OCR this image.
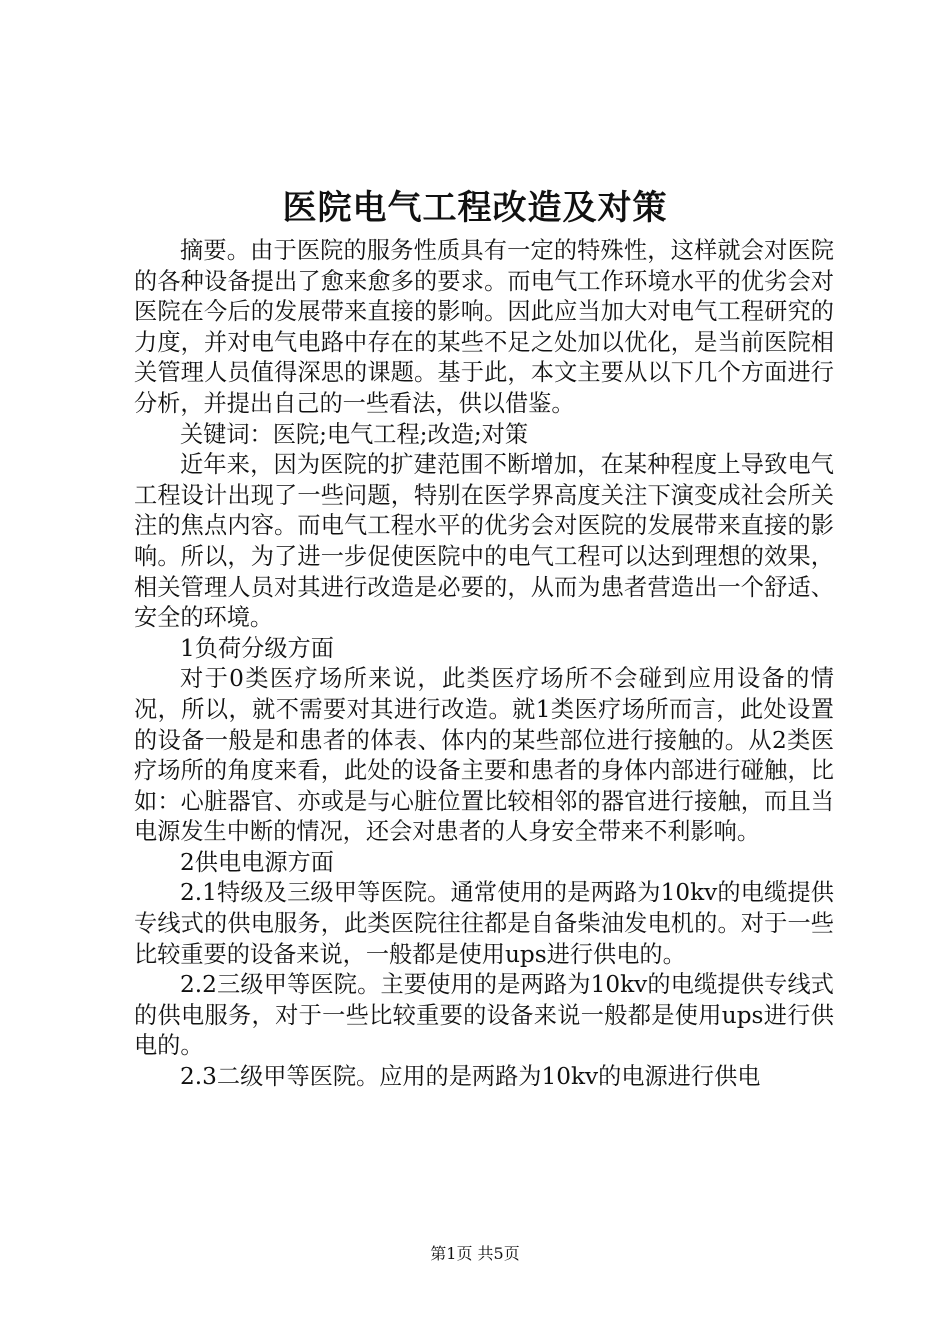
医院电气工程改造及对策

摘要。由于医院的服务性质具有一定的特殊性，这样就会对医院的各种设备提出了愈来愈多的要求。而电气工作环境水平的优劣会对医院在今后的发展带来直接的影响。因此应当加大对电气工程研究的力度，并对电气电路中存在的某些不足之处加以优化，是当前医院相关管理人员值得深思的课题。基于此，本文主要从以下几个方面进行分析，并提出自己的一些看法，供以借鉴。

关键词：医院;电气工程;改造;对策

近年来，因为医院的扩建范围不断增加，在某种程度上导致电气工程设计出现了一些问题，特别在医学界高度关注下演变成社会所关注的焦点内容。而电气工程水平的优劣会对医院的发展带来直接的影响。所以，为了进一步促使医院中的电气工程可以达到理想的效果，相关管理人员对其进行改造是必要的，从而为患者营造出一个舒适、安全的环境。

1负荷分级方面

对于0类医疗场所来说，此类医疗场所不会碰到应用设备的情况，所以，就不需要对其进行改造。就1类医疗场所而言，此处设置的设备一般是和患者的体表、体内的某些部位进行接触的。从2类医疗场所的角度来看，此处的设备主要和患者的身体内部进行碰触，比如：心脏器官、亦或是与心脏位置比较相邻的器官进行接触，而且当电源发生中断的情况，还会对患者的人身安全带来不利影响。

2供电电源方面

2.1特级及三级甲等医院。通常使用的是两路为10kv的电缆提供专线式的供电服务，此类医院往往都是自备柴油发电机的。对于一些比较重要的设备来说，一般都是使用ups进行供电的。

2.2三级甲等医院。主要使用的是两路为10kv的电缆提供专线式的供电服务，对于一些比较重要的设备来说一般都是使用ups进行供电的。

2.3二级甲等医院。应用的是两路为10kv的电源进行供电

第1页 共5页
